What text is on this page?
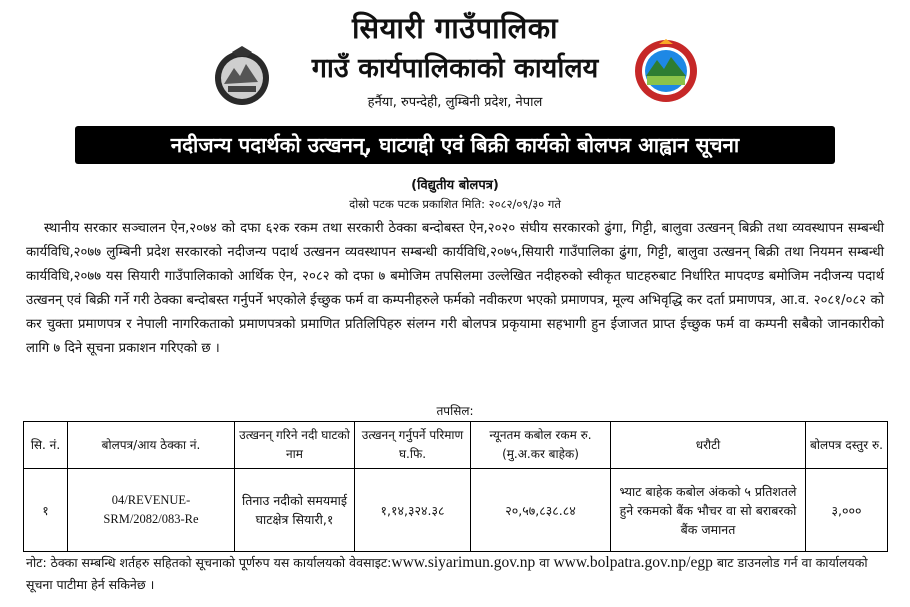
सियारी गाउँपालिका
गाउँ कार्यपालिकाको कार्यालय
हर्नैया, रुपन्देही, लुम्बिनी प्रदेश, नेपाल
नदीजन्य पदार्थको उत्खनन्, घाटगद्दी एवं बिक्री कार्यको बोलपत्र आह्वान सूचना
(विद्युतीय बोलपत्र)
दोस्रो पटक पटक प्रकाशित मिति: २०८२/०९/३० गते
स्थानीय सरकार सञ्चालन ऐन,२०७४ को दफा ६२क रकम तथा सरकारी ठेक्का बन्दोबस्त ऐन,२०२० संघीय सरकारको ढुंगा, गिट्टी, बालुवा उत्खनन् बिक्री तथा व्यवस्थापन सम्बन्धी कार्यविधि,२०७७ लुम्बिनी प्रदेश सरकारको नदीजन्य पदार्थ उत्खनन व्यवस्थापन सम्बन्धी कार्यविधि,२०७५,सियारी गाउँपालिका ढुंगा, गिट्टी, बालुवा उत्खनन् बिक्री तथा नियमन सम्बन्धी कार्यविधि,२०७७ यस सियारी गाउँपालिकाको आर्थिक ऐन, २०८२ को दफा ७ बमोजिम तपसिलमा उल्लेखित नदीहरुको स्वीकृत घाटहरुबाट निर्धारित मापदण्ड बमोजिम नदीजन्य पदार्थ उत्खनन् एवं बिक्री गर्ने गरी ठेक्का बन्दोबस्त गर्नुपर्ने भएकोले ईच्छुक फर्म वा कम्पनीहरुले फर्मको नवीकरण भएको प्रमाणपत्र, मूल्य अभिवृद्धि कर दर्ता प्रमाणपत्र, आ.व. २०८१/०८२ को कर चुक्ता प्रमाणपत्र र नेपाली नागरिकताको प्रमाणपत्रको प्रमाणित प्रतिलिपिहरु संलग्न गरी बोलपत्र प्रकृयामा सहभागी हुन ईजाजत प्राप्त ईच्छुक फर्म वा कम्पनी सबैको जानकारीको लागि ७ दिने सूचना प्रकाशन गरिएको छ ।
तपसिल:
सि. नं.	बोलपत्र/आय ठेक्का नं.	उत्खनन् गरिने नदी घाटको नाम	उत्खनन् गर्नुपर्ने परिमाण घ.फि.	न्यूनतम कबोल रकम रु. (मु.अ.कर बाहेक)	धरौटी	बोलपत्र दस्तुर रु.
१	04/REVENUE-
SRM/2082/083-Re	तिनाउ नदीको समयमाई घाटक्षेत्र सियारी,१	१,१४,३२४.३८	२०,५७,८३८.८४	भ्याट बाहेक कबोल अंकको ५ प्रतिशतले हुने रकमको बैंक भौचर वा सो बराबरको बैंक जमानत	३,०००
नोट: ठेक्का सम्बन्धि शर्तहरु सहितको सूचनाको पूर्णरुप यस कार्यालयको वेवसाइट:www.siyarimun.gov.np वा www.bolpatra.gov.np/egp बाट डाउनलोड गर्न वा कार्यालयको सूचना पाटीमा हेर्न सकिनेछ ।
